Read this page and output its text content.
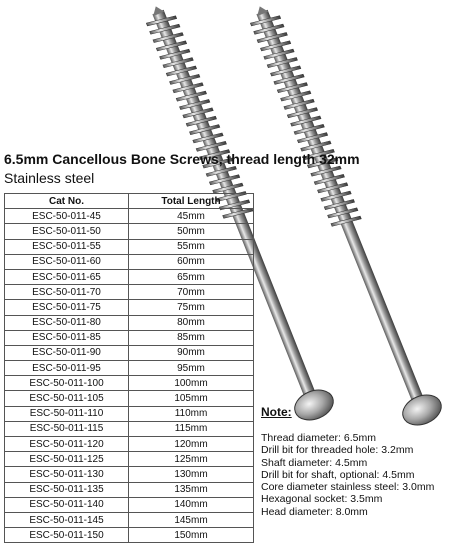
6.5mm Cancellous Bone Screws, thread length 32mm
Stainless steel
Cat No.	Total Length
ESC-50-011-45	45mm
ESC-50-011-50	50mm
ESC-50-011-55	55mm
ESC-50-011-60	60mm
ESC-50-011-65	65mm
ESC-50-011-70	70mm
ESC-50-011-75	75mm
ESC-50-011-80	80mm
ESC-50-011-85	85mm
ESC-50-011-90	90mm
ESC-50-011-95	95mm
ESC-50-011-100	100mm
ESC-50-011-105	105mm
ESC-50-011-110	110mm
ESC-50-011-115	115mm
ESC-50-011-120	120mm
ESC-50-011-125	125mm
ESC-50-011-130	130mm
ESC-50-011-135	135mm
ESC-50-011-140	140mm
ESC-50-011-145	145mm
ESC-50-011-150	150mm
Note:
Thread diameter: 6.5mm
Drill bit for threaded hole: 3.2mm
Shaft diameter: 4.5mm
Drill bit for shaft, optional: 4.5mm
Core diameter stainless steel: 3.0mm
Hexagonal socket: 3.5mm
Head diameter: 8.0mm
